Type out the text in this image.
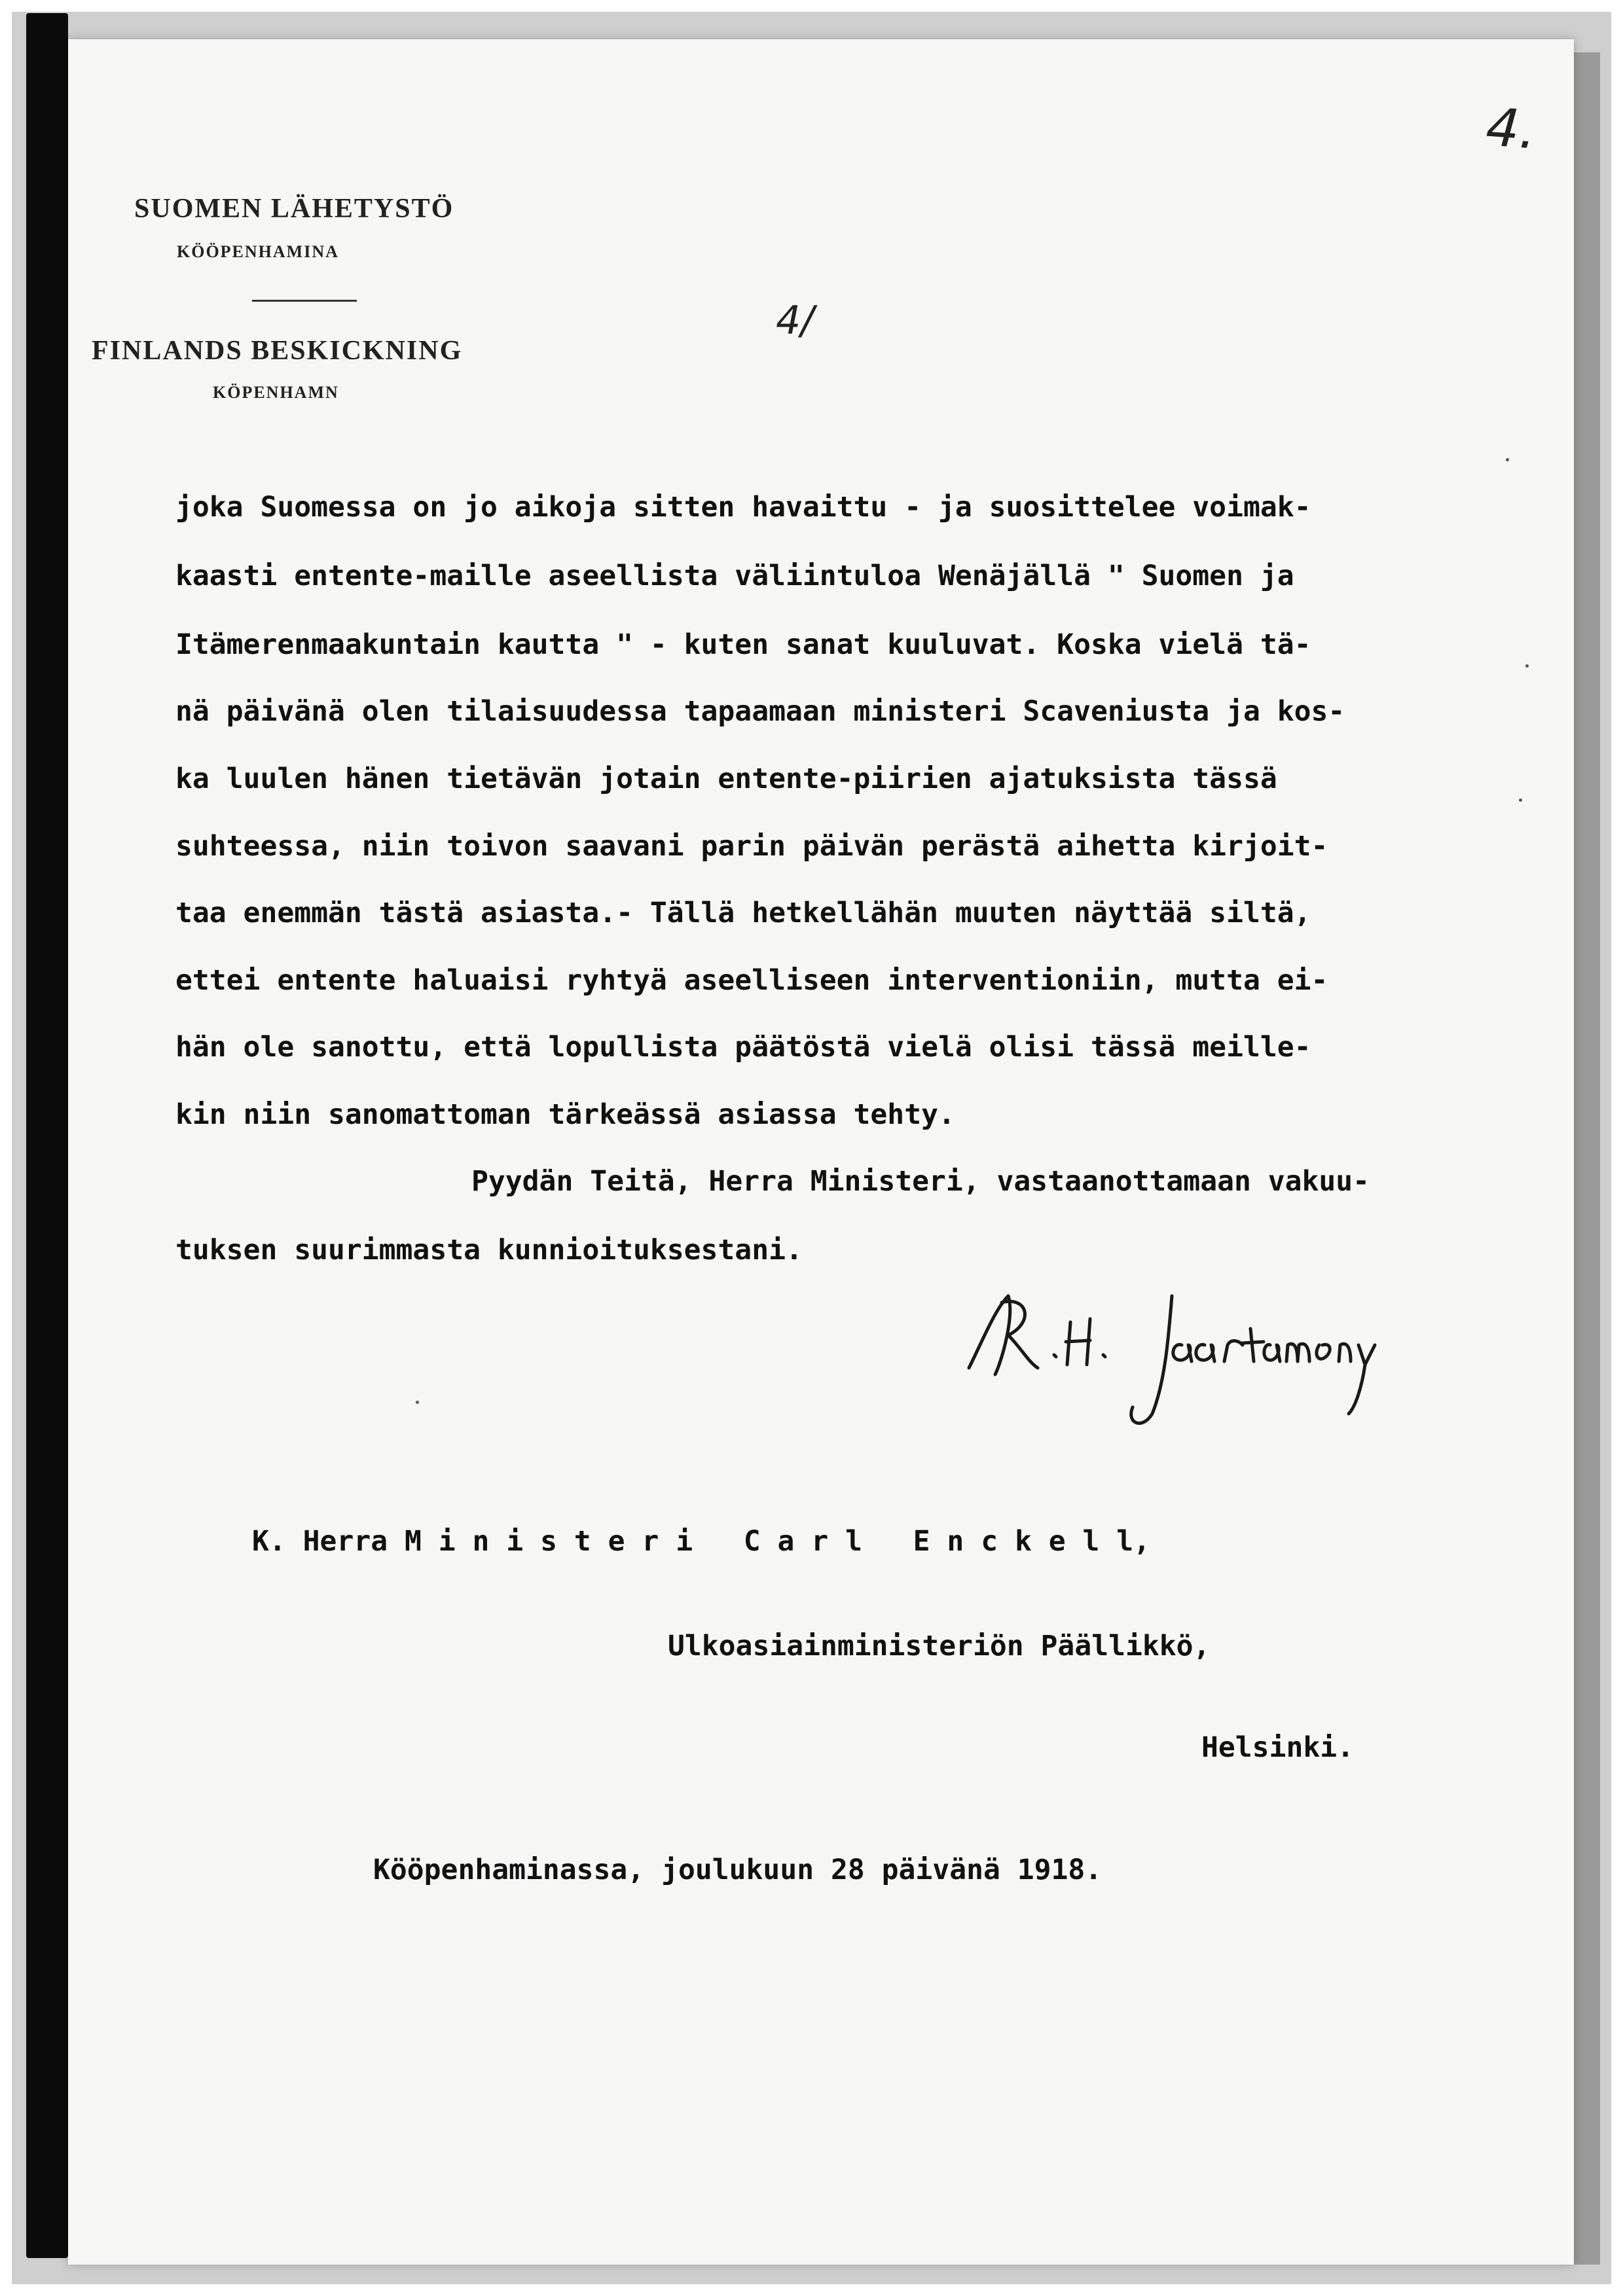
4.
4/
SUOMEN LÄHETYSTÖ
KÖÖPENHAMINA
FINLANDS BESKICKNING
KÖPENHAMN
joka Suomessa on jo aikoja sitten havaittu - ja suosittelee voimak-
kaasti entente-maille aseellista väliintuloa Wenäjällä " Suomen ja
Itämerenmaakuntain kautta " - kuten sanat kuuluvat. Koska vielä tä-
nä päivänä olen tilaisuudessa tapaamaan ministeri Scaveniusta ja kos-
ka luulen hänen tietävän jotain entente-piirien ajatuksista tässä
suhteessa, niin toivon saavani parin päivän perästä aihetta kirjoit-
taa enemmän tästä asiasta.- Tällä hetkellähän muuten näyttää siltä,
ettei entente haluaisi ryhtyä aseelliseen interventioniin, mutta ei-
hän ole sanottu, että lopullista päätöstä vielä olisi tässä meille-
kin niin sanomattoman tärkeässä asiassa tehty.
Pyydän Teitä, Herra Ministeri, vastaanottamaan vakuu-
tuksen suurimmasta kunnioituksestani.
K. Herra M i n i s t e r i   C a r l   E n c k e l l,
Ulkoasiainministeriön Päällikkö,
Helsinki.
Kööpenhaminassa, joulukuun 28 päivänä 1918.
